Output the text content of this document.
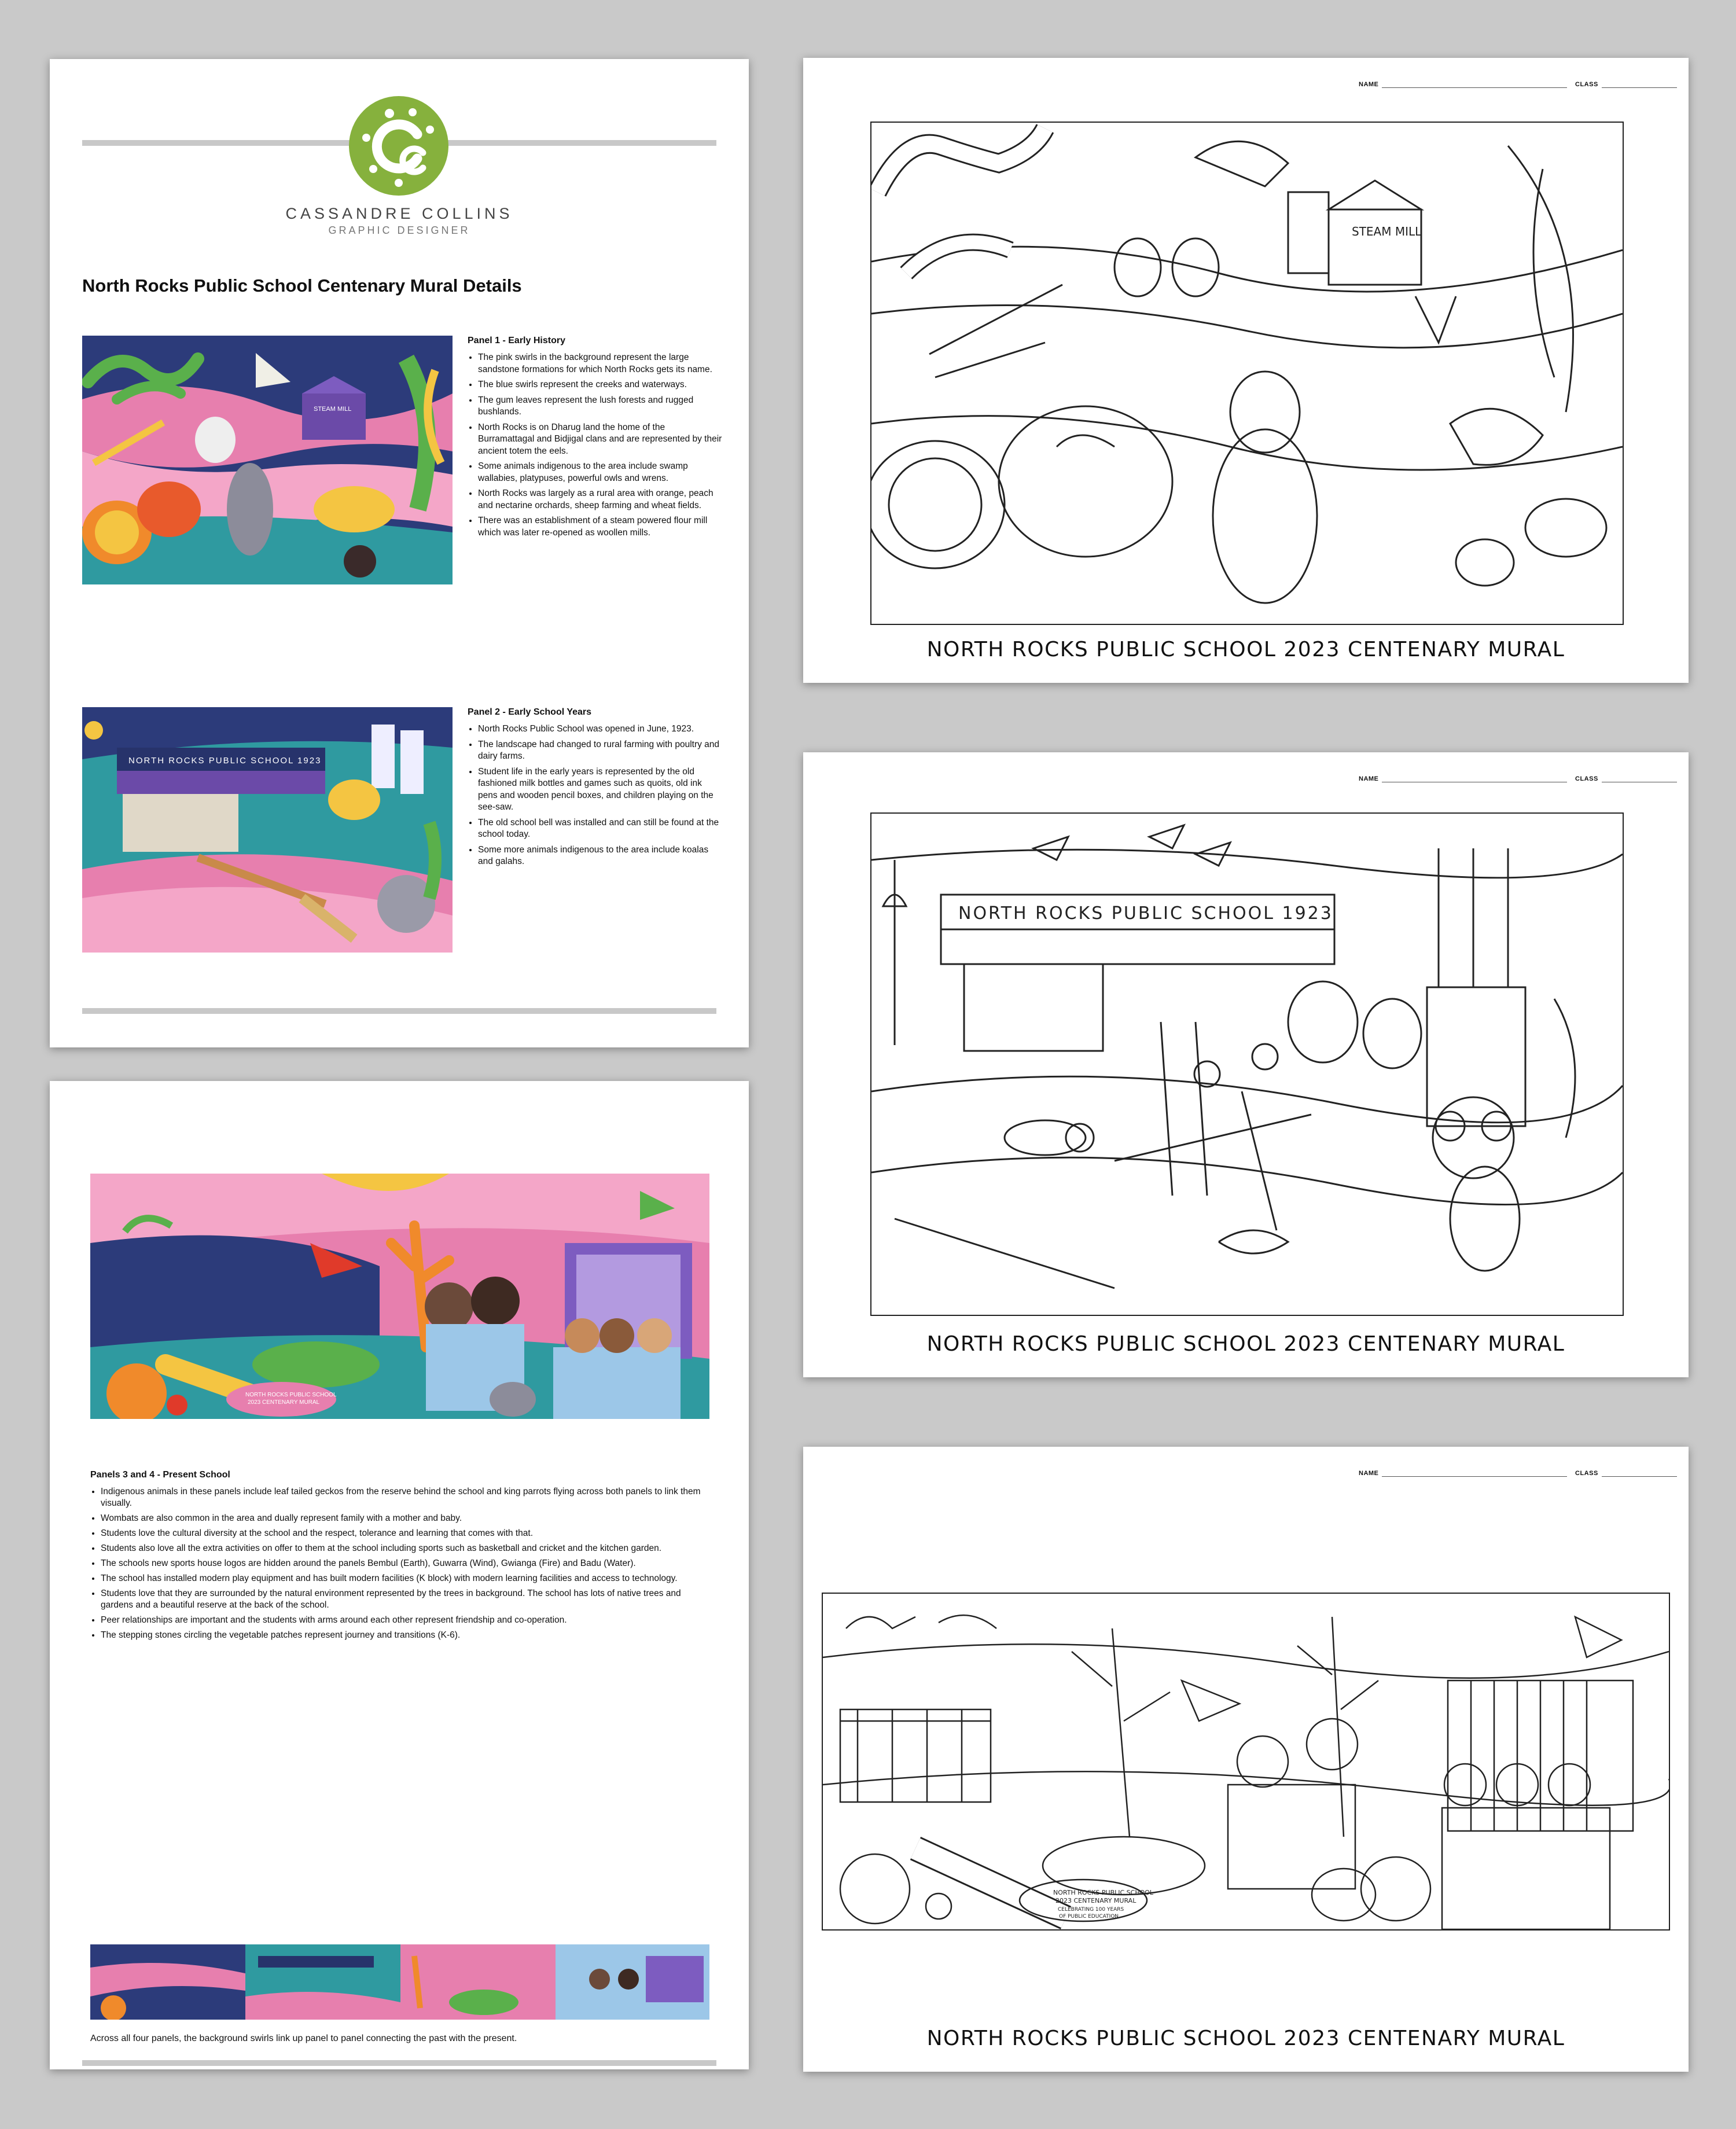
CASSANDRE COLLINS
GRAPHIC DESIGNER
North Rocks Public School Centenary Mural Details
STEAM MILL

Panel 1 - Early History

• The pink swirls in the background represent the large sandstone formations for which North Rocks gets its name.
• The blue swirls represent the creeks and waterways.
• The gum leaves represent the lush forests and rugged bushlands.
• North Rocks is on Dharug land the home of the Burramattagal and Bidjigal clans and are represented by their ancient totem the eels.
• Some animals indigenous to the area include swamp wallabies, platypuses, powerful owls and wrens.
• North Rocks was largely as a rural area with orange, peach and nectarine orchards, sheep farming and wheat fields.
• There was an establishment of a steam powered flour mill which was later re-opened as woollen mills.
NORTH ROCKS PUBLIC SCHOOL 1923

Panel 2 - Early School Years

• North Rocks Public School was opened in June, 1923.
• The landscape had changed to rural farming with poultry and dairy farms.
• Student life in the early years is represented by the old fashioned milk bottles and games such as quoits, old ink pens and wooden pencil boxes, and children playing on the see-saw.
• The old school bell was installed and can still be found at the school today.
• Some more animals indigenous to the area include koalas and galahs.
NORTH ROCKS PUBLIC SCHOOL
2023 CENTENARY MURAL

Panels 3 and 4 - Present School

• Indigenous animals in these panels include leaf tailed geckos from the reserve behind the school and king parrots flying across both panels to link them visually.
• Wombats are also common in the area and dually represent family with a mother and baby.
• Students love the cultural diversity at the school and the respect, tolerance and learning that comes with that.
• Students also love all the extra activities on offer to them at the school including sports such as basketball and cricket and the kitchen garden.
• The schools new sports house logos are hidden around the panels Bembul (Earth), Guwarra (Wind), Gwianga (Fire) and Badu (Water).
• The school has installed modern play equipment and has built modern facilities (K block) with modern learning facilities and access to technology.
• Students love that they are surrounded by the natural environment represented by the trees in background. The school has lots of native trees and gardens and a beautiful reserve at the back of the school.
• Peer relationships are important and the students with arms around each other represent friendship and co-operation.
• The stepping stones circling the vegetable patches represent journey and transitions (K-6).
Across all four panels, the background swirls link up panel to panel connecting the past with the present.
NAME	CLASS
STEAM MILL
NORTH ROCKS PUBLIC SCHOOL 2023 CENTENARY MURAL
NAME	CLASS
NORTH ROCKS PUBLIC SCHOOL 1923
NORTH ROCKS PUBLIC SCHOOL 2023 CENTENARY MURAL
NAME	CLASS
NORTH ROCKS PUBLIC SCHOOL
2023 CENTENARY MURAL
CELEBRATING 100 YEARS
OF PUBLIC EDUCATION
NORTH ROCKS PUBLIC SCHOOL 2023 CENTENARY MURAL
